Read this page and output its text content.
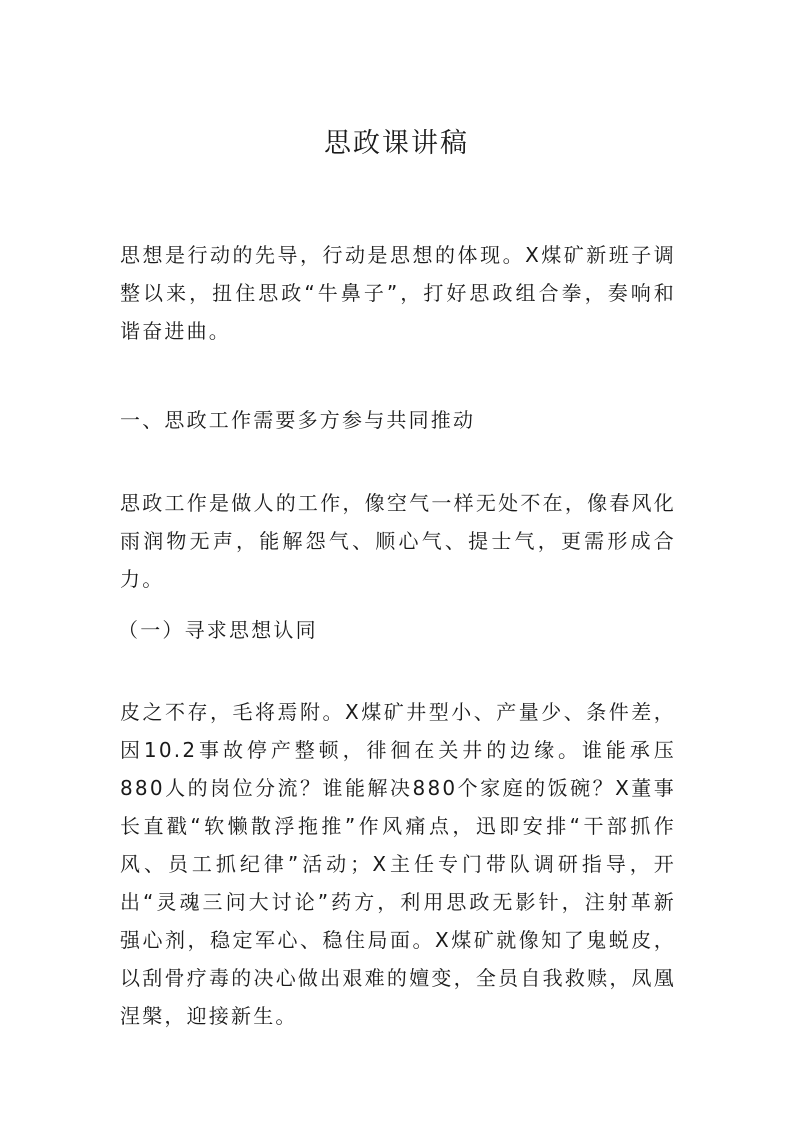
思政课讲稿

思想是行动的先导，行动是思想的体现。X煤矿新班子调整以来，扭住思政“牛鼻子”，打好思政组合拳，奏响和谐奋进曲。

一、思政工作需要多方参与共同推动

思政工作是做人的工作，像空气一样无处不在，像春风化雨润物无声，能解怨气、顺心气、提士气，更需形成合力。

（一）寻求思想认同

皮之不存，毛将焉附。X煤矿井型小、产量少、条件差，因10.2事故停产整顿，徘徊在关井的边缘。谁能承压880人的岗位分流？谁能解决880个家庭的饭碗？X董事长直戳“软懒散浮拖推”作风痛点，迅即安排“干部抓作风、员工抓纪律”活动；X主任专门带队调研指导，开出“灵魂三问大讨论”药方，利用思政无影针，注射革新强心剂，稳定军心、稳住局面。X煤矿就像知了鬼蜕皮，以刮骨疗毒的决心做出艰难的嬗变，全员自我救赎，凤凰涅槃，迎接新生。
